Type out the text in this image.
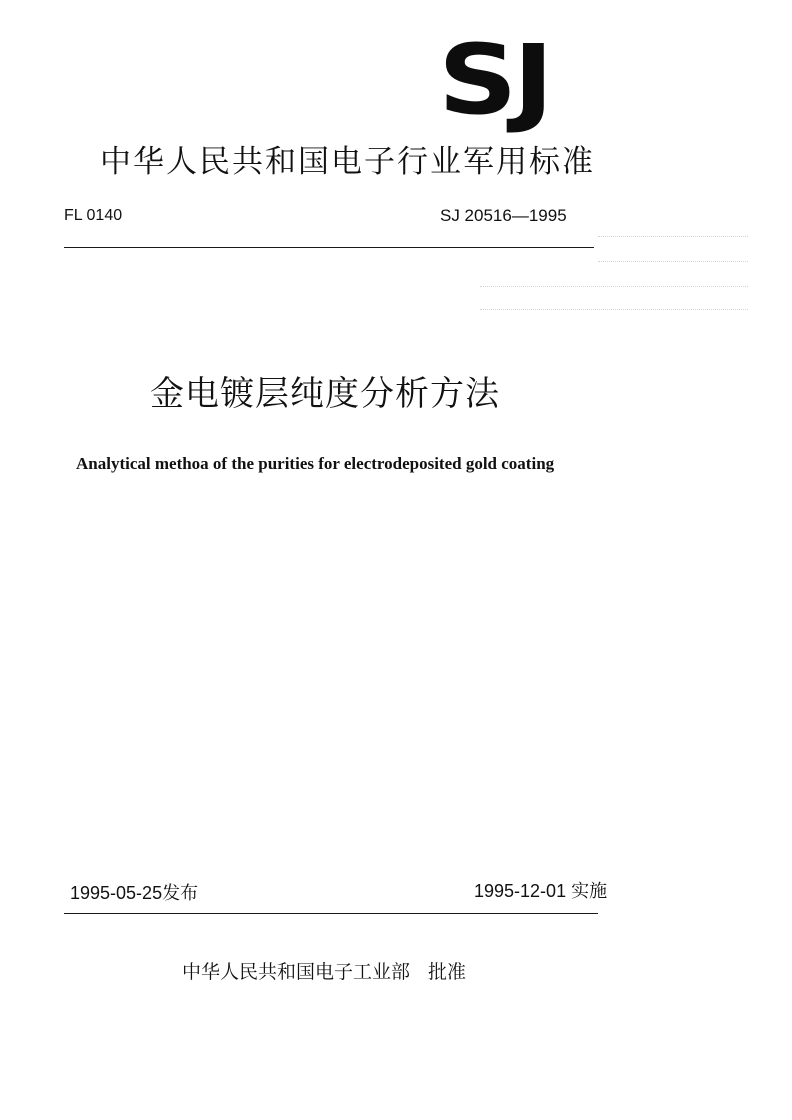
SJ
中华人民共和国电子行业军用标准
FL 0140	SJ 20516—1995
金电镀层纯度分析方法
Analytical methoa of the purities for electrodeposited gold coating
1995-05-25发布	1995-12-01 实施
中华人民共和国电子工业部 批准
